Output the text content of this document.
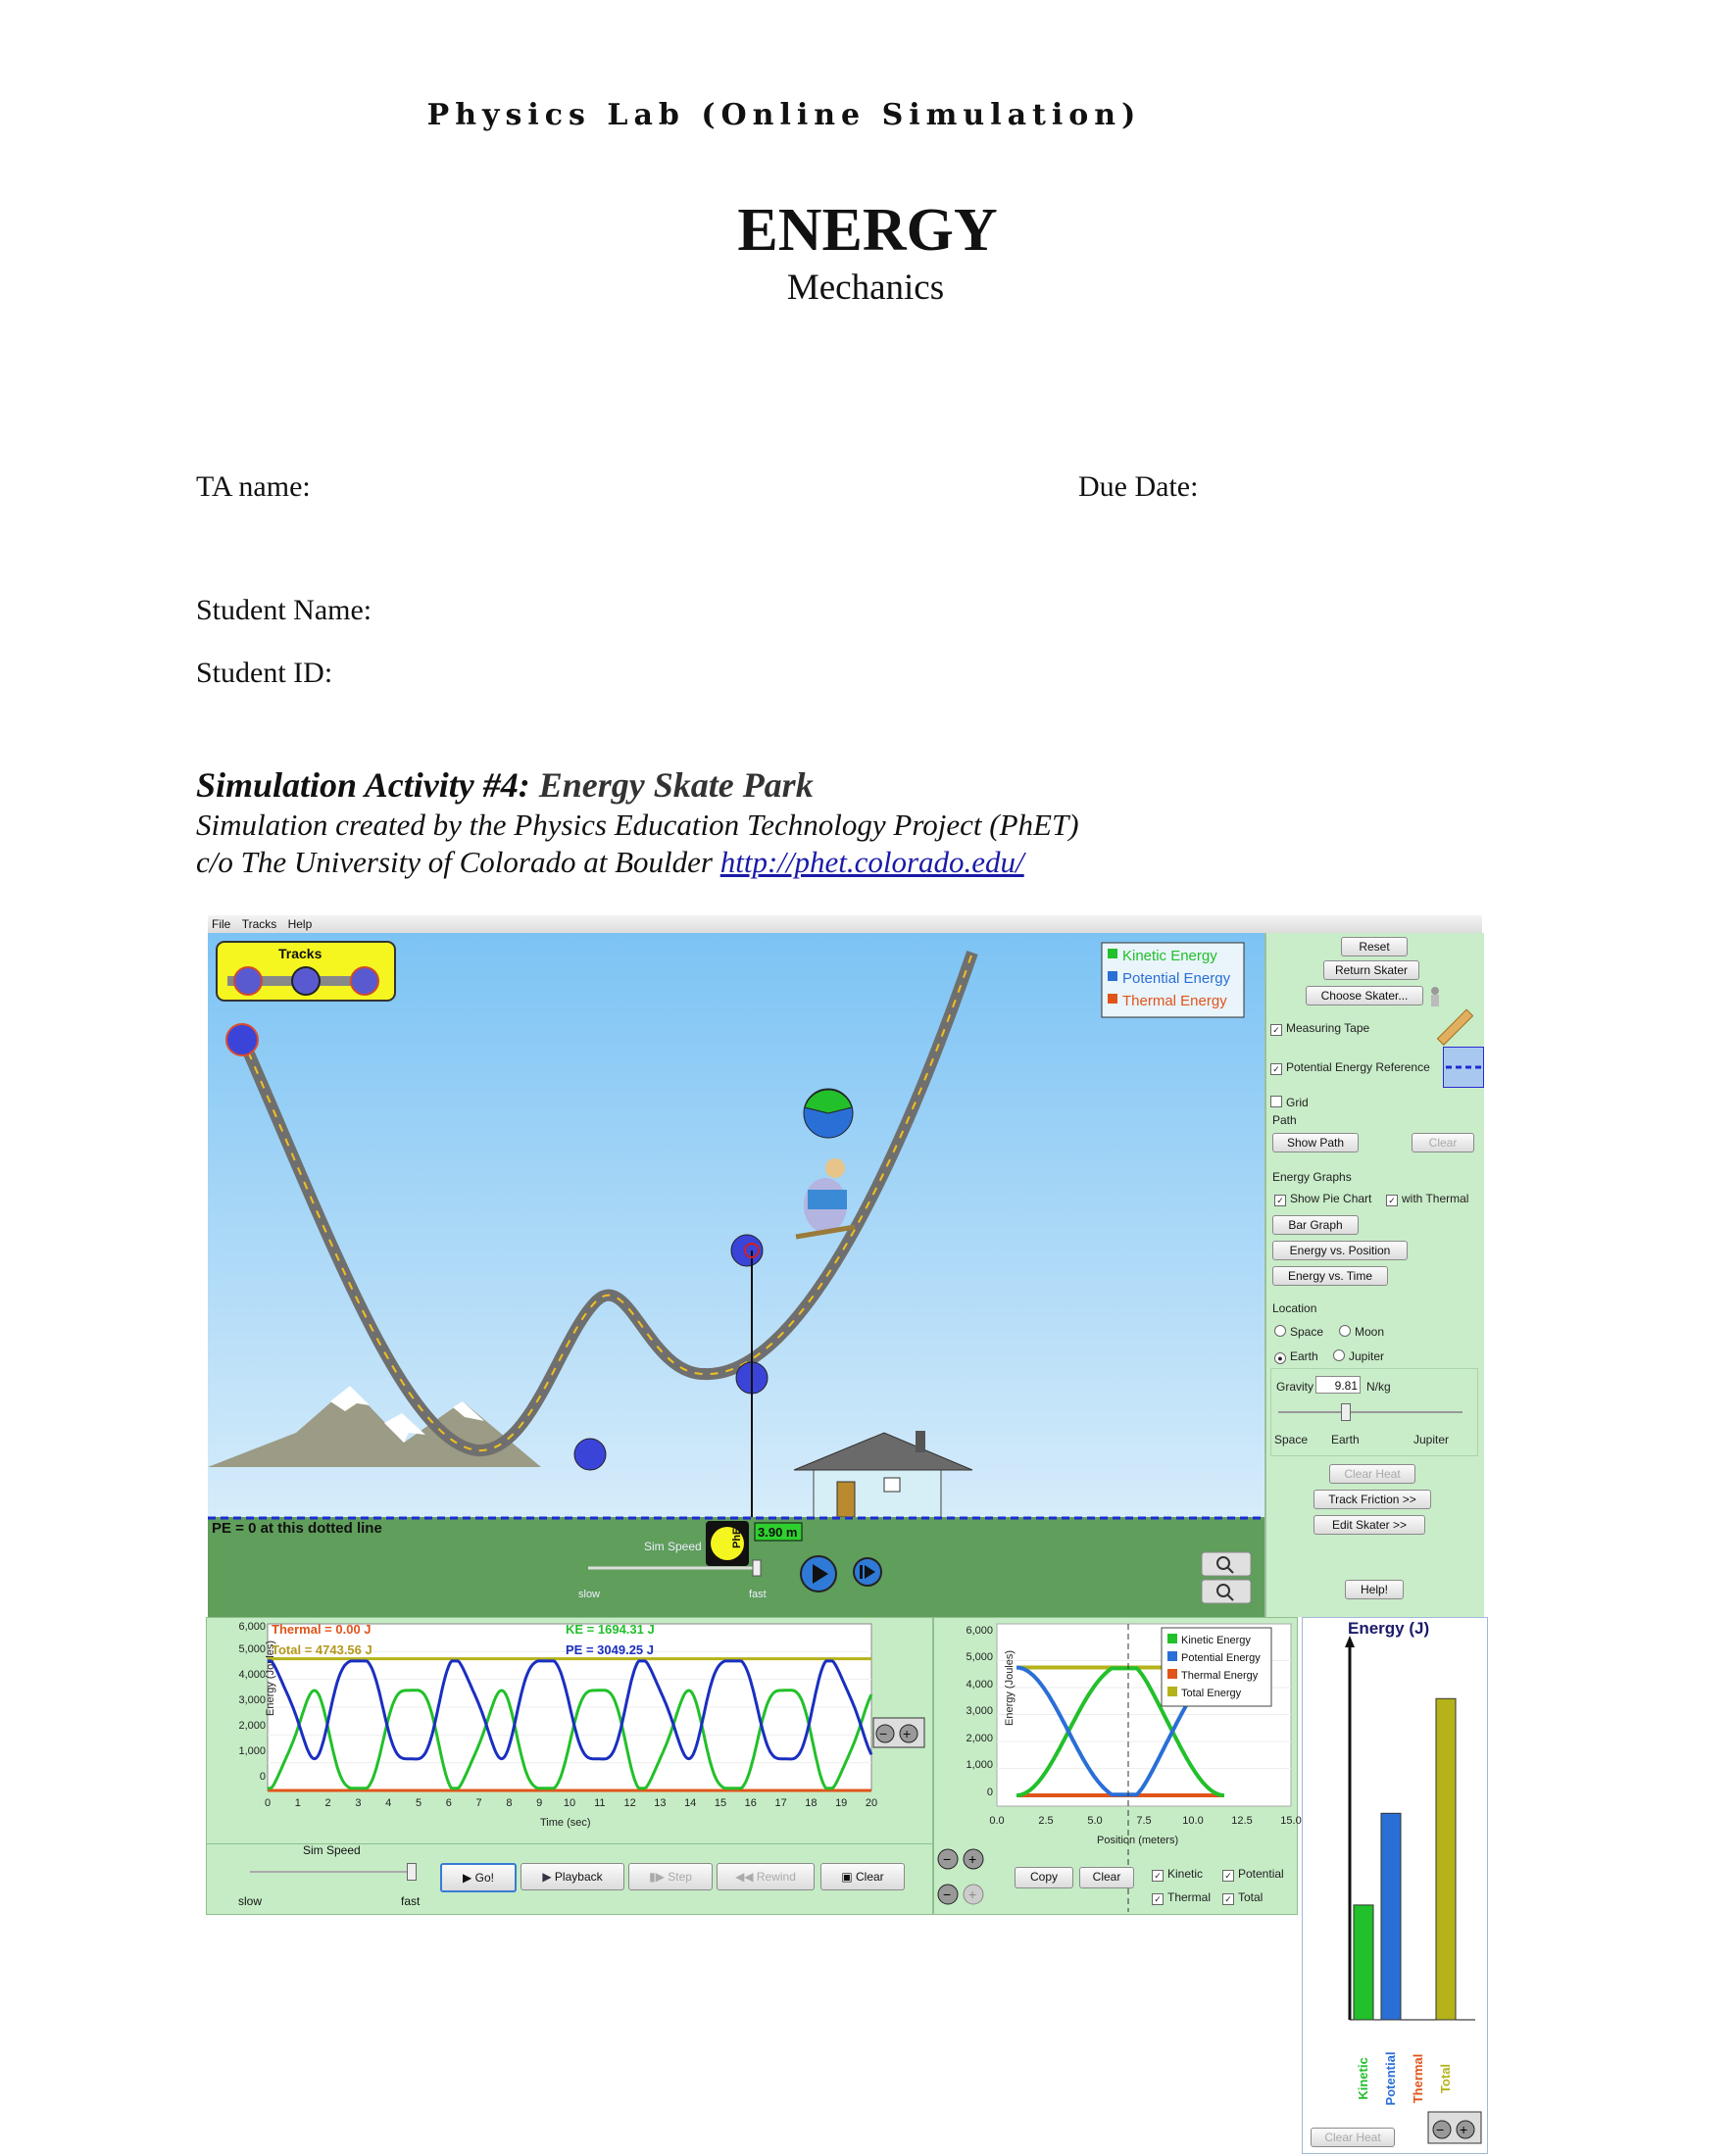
Physics Lab (Online Simulation)
ENERGY
Mechanics
TA name:	Due Date:
Student Name:
Student ID:
Simulation Activity #4: Energy Skate Park
Simulation created by the Physics Education Technology Project (PhET)
c/o The University of Colorado at Boulder http://phet.colorado.edu/
File Tracks Help
PE = 0 at this dotted line	3.90 m
Tracks	Kinetic Energy
Potential Energy
Thermal Energy
Sim Speed
slow	fast
PhET
Reset
Return Skater
Choose Skater...
✓ Measuring Tape
✓ Potential Energy Reference
Grid
Path
Show Path	Clear
Energy Graphs
✓ Show Pie Chart ✓ with Thermal
Bar Graph
Energy vs. Position
Energy vs. Time
Location
Space	Moon
● Earth	Jupiter
Gravity	9.81 N/kg
Space Earth	Jupiter
Clear Heat
Track Friction >>
Edit Skater >>
Help!
Energy (Joules)
6,000
5,000
4,000
3,000
2,000
1,000
0
0 1 2 3 4 5 6 7 8 9 10 11 12 13 14 15 16 17 18 19 20
Time (sec)
Thermal = 0.00 J
Total = 4743.56 J
KE = 1694.31 J
PE = 3049.25 J
− +
Sim Speed
slow	fast
▶ Go!	▶ Playback	▮▶ Step	◀◀ Rewind	▣ Clear
Energy (Joules)
6,000
5,000
4,000
3,000
2,000
1,000
0
0.0	2.5	5.0	7.5	10.0	12.5	15.0
Position (meters)
Kinetic Energy
Potential Energy
Thermal Energy
Total Energy
− +
− +
Copy	Clear	✓ Kinetic ✓ Potential
✓ Thermal ✓ Total
Energy (J)
Kinetic Potential Thermal Total
− +
Clear Heat
